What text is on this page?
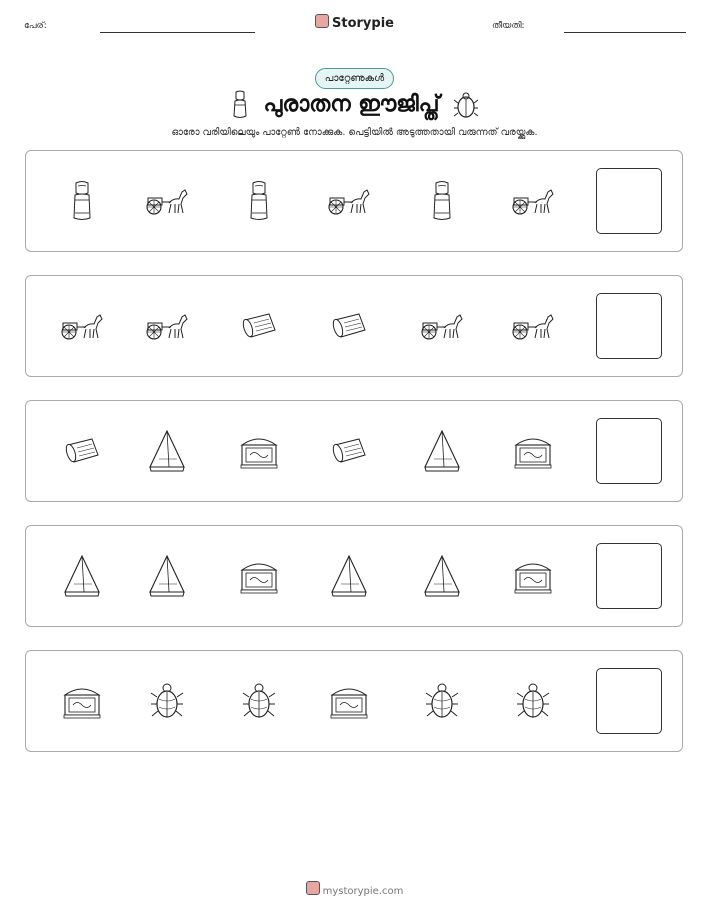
പേര്:	Storypie	തീയതി:
പാറ്റേണുകൾ
പുരാതന ഈജിപ്ത്
ഓരോ വരിയിലെയും പാറ്റേൺ നോക്കുക. പെട്ടിയിൽ അടുത്തതായി വരുന്നത് വരയ്ക്കുക.
mystorypie.com
